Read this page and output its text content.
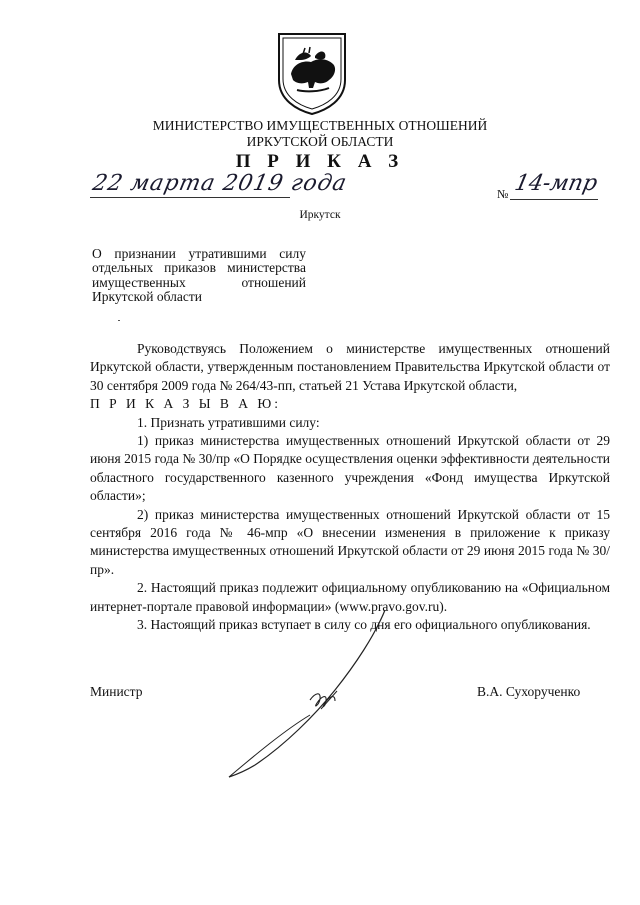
МИНИСТЕРСТВО ИМУЩЕСТВЕННЫХ ОТНОШЕНИЙ
ИРКУТСКОЙ ОБЛАСТИ
П Р И К А З
22 марта 2019 года	№ 14-мпр
Иркутск
О признании утратившими силу отдельных приказов министерства имущественных отношений Иркутской области

Руководствуясь Положением о министерстве имущественных отношений Иркутской области, утвержденным постановлением Правительства Иркутской области от 30 сентября 2009 года № 264/43-пп, статьей 21 Устава Иркутской области,

П Р И К А З Ы В А Ю:

1. Признать утратившими силу:

1) приказ министерства имущественных отношений Иркутской области от 29 июня 2015 года № 30/пр «О Порядке осуществления оценки эффективности деятельности областного государственного казенного учреждения «Фонд имущества Иркутской области»;

2) приказ министерства имущественных отношений Иркутской области от 15 сентября 2016 года № 46-мпр «О внесении изменения в приложение к приказу министерства имущественных отношений Иркутской области от 29 июня 2015 года № 30/пр».

2. Настоящий приказ подлежит официальному опубликованию на «Официальном интернет-портале правовой информации» (www.pravo.gov.ru).

3. Настоящий приказ вступает в силу со дня его официального опубликования.

Министр	В.А. Сухорученко
